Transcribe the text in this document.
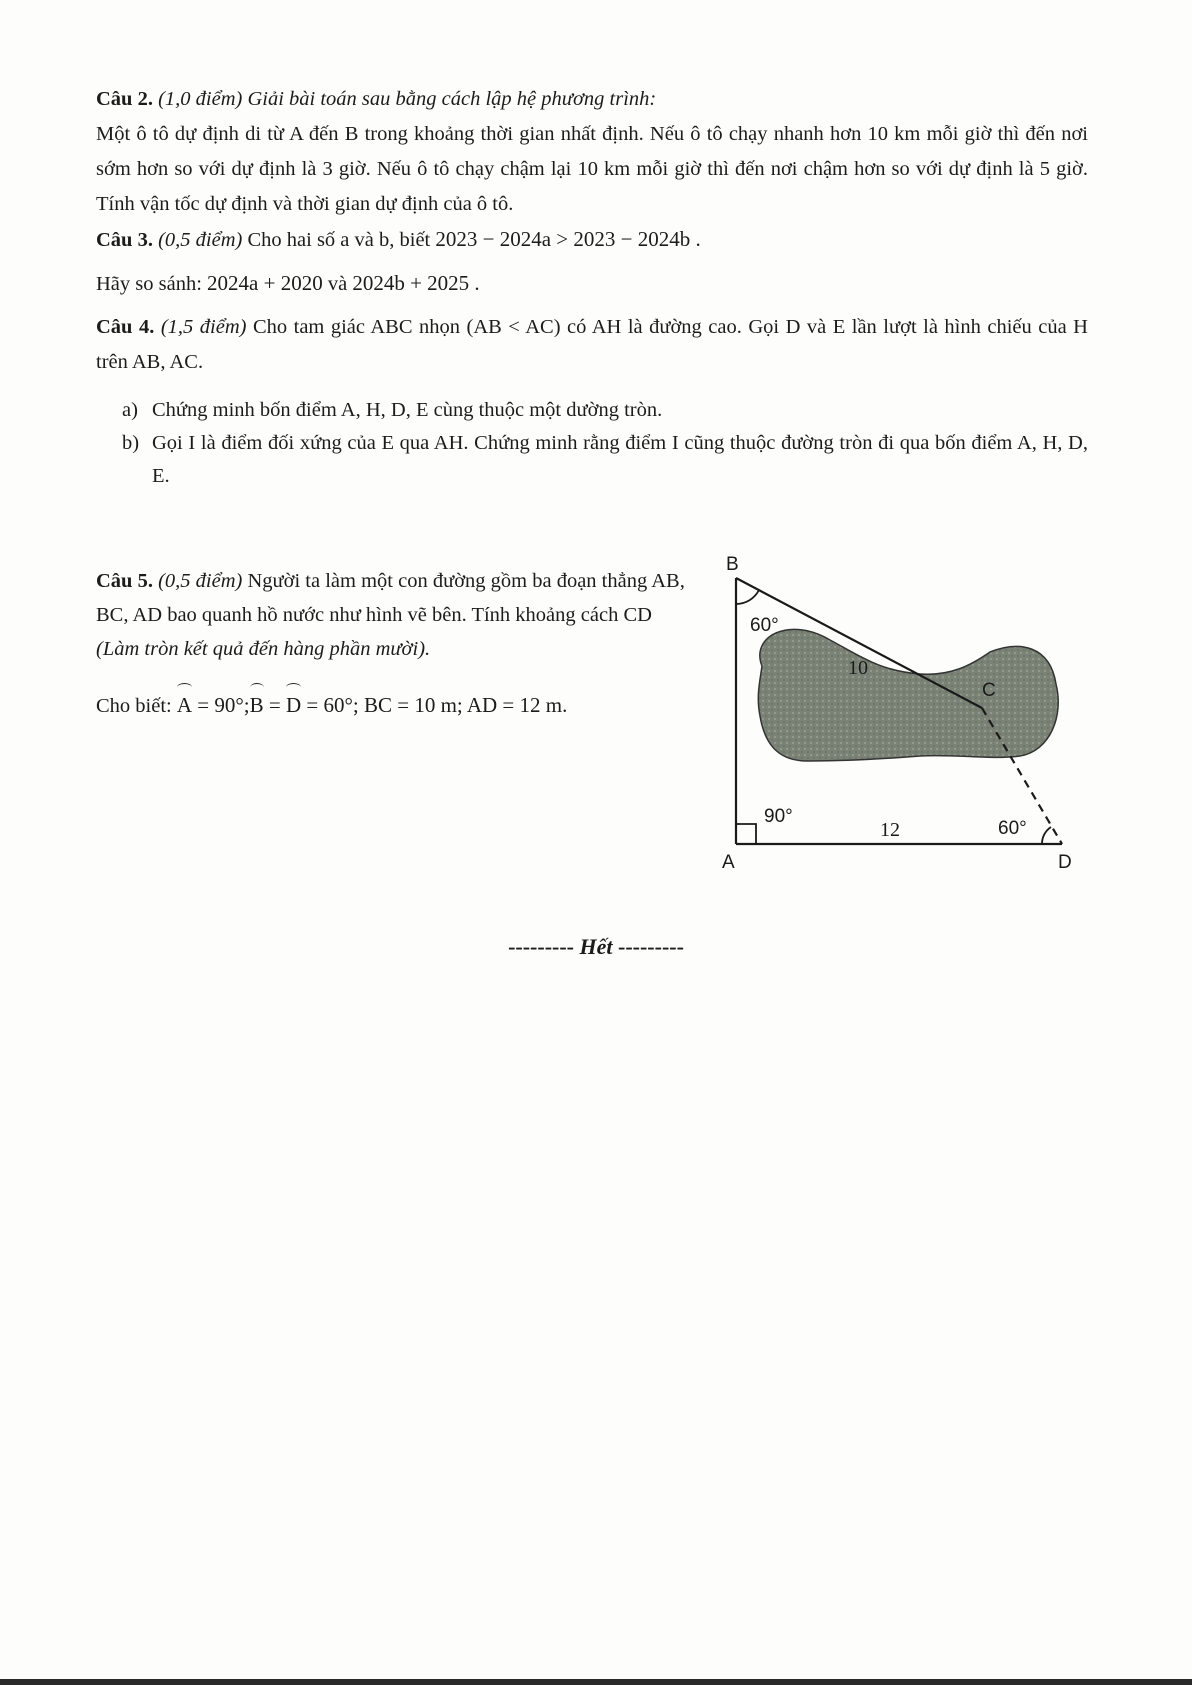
Câu 2. (1,0 điểm) Giải bài toán sau bằng cách lập hệ phương trình:

Một ô tô dự định di từ A đến B trong khoảng thời gian nhất định. Nếu ô tô chạy nhanh hơn 10 km mỗi giờ thì đến nơi sớm hơn so với dự định là 3 giờ. Nếu ô tô chạy chậm lại 10 km mỗi giờ thì đến nơi chậm hơn so với dự định là 5 giờ. Tính vận tốc dự định và thời gian dự định của ô tô.

Câu 3. (0,5 điểm) Cho hai số a và b, biết 2023 − 2024a > 2023 − 2024b .

Hãy so sánh: 2024a + 2020 và 2024b + 2025 .

Câu 4. (1,5 điểm) Cho tam giác ABC nhọn (AB < AC) có AH là đường cao. Gọi D và E lần lượt là hình chiếu của H trên AB, AC.

a) Chứng minh bốn điểm A, H, D, E cùng thuộc một dường tròn.
b) Gọi I là điểm đối xứng của E qua AH. Chứng minh rằng điểm I cũng thuộc đường tròn đi qua bốn điểm A, H, D, E.

Câu 5. (0,5 điểm) Người ta làm một con đường gồm ba đoạn thẳng AB, BC, AD bao quanh hồ nước như hình vẽ bên. Tính khoảng cách CD (Làm tròn kết quả đến hàng phần mười).

Cho biết: A = 90°;B = D = 60°; BC = 10 m; AD = 12 m.

B
C
A	D
60°
10
90°
12	60°
--------- Hết ---------
